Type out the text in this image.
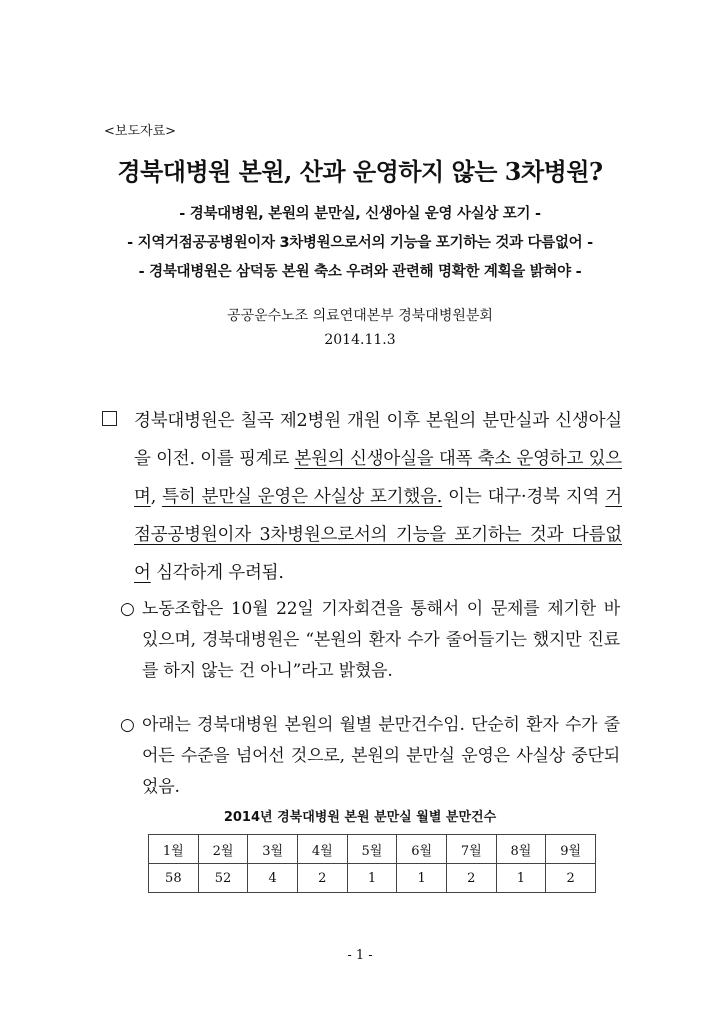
<보도자료>
경북대병원 본원, 산과 운영하지 않는 3차병원?
- 경북대병원, 본원의 분만실, 신생아실 운영 사실상 포기 -
- 지역거점공공병원이자 3차병원으로서의 기능을 포기하는 것과 다름없어 -
- 경북대병원은 삼덕동 본원 축소 우려와 관련해 명확한 계획을 밝혀야 -
공공운수노조 의료연대본부 경북대병원분회
2014.11.3
경북대병원은 칠곡 제2병원 개원 이후 본원의 분만실과 신생아실을 이전. 이를 핑계로 본원의 신생아실을 대폭 축소 운영하고 있으며, 특히 분만실 운영은 사실상 포기했음. 이는 대구·경북 지역 거점공공병원이자 3차병원으로서의 기능을 포기하는 것과 다름없어 심각하게 우려됨.
○ 노동조합은 10월 22일 기자회견을 통해서 이 문제를 제기한 바 있으며, 경북대병원은 “본원의 환자 수가 줄어들기는 했지만 진료를 하지 않는 건 아니”라고 밝혔음.
○ 아래는 경북대병원 본원의 월별 분만건수임. 단순히 환자 수가 줄어든 수준을 넘어선 것으로, 본원의 분만실 운영은 사실상 중단되었음.
2014년 경북대병원 본원 분만실 월별 분만건수
1월	2월	3월	4월	5월	6월	7월	8월	9월
58	52	4	2	1	1	2	1	2
- 1 -
